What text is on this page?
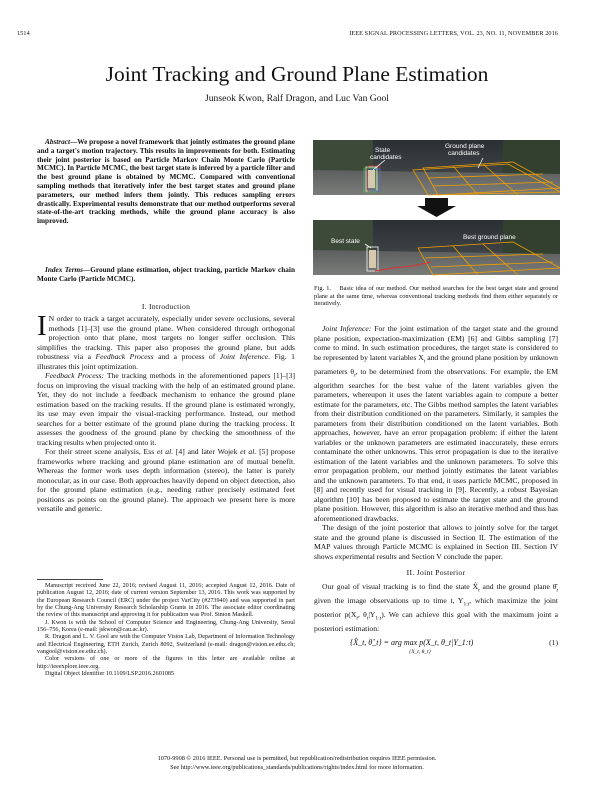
1514	IEEE SIGNAL PROCESSING LETTERS, VOL. 23, NO. 11, NOVEMBER 2016
Joint Tracking and Ground Plane Estimation
Junseok Kwon, Ralf Dragon, and Luc Van Gool

Abstract—We propose a novel framework that jointly estimates the ground plane and a target's motion trajectory. This results in improvements for both. Estimating their joint posterior is based on Particle Markov Chain Monte Carlo (Particle MCMC). In Particle MCMC, the best target state is inferred by a particle filter and the best ground plane is obtained by MCMC. Compared with conventional sampling methods that iteratively infer the best target states and ground plane parameters, our method infers them jointly. This reduces sampling errors drastically. Experimental results demonstrate that our method outperforms several state-of-the-art tracking methods, while the ground plane accuracy is also improved.

Index Terms—Ground plane estimation, object tracking, particle Markov chain Monte Carlo (Particle MCMC).

I. Introduction

I N order to track a target accurately, especially under severe occlusions, several methods [1]–[3] use the ground plane. When considered through orthogonal projection onto that plane, most targets no longer suffer occlusion. This simplifies the tracking. This paper also proposes the ground plane, but adds robustness via a Feedback Process and a process of Joint Inference. Fig. 1 illustrates this joint optimization.

Feedback Process: The tracking methods in the aforementioned papers [1]–[3] focus on improving the visual tracking with the help of an estimated ground plane. Yet, they do not include a feedback mechanism to enhance the ground plane estimation based on the tracking results. If the ground plane is estimated wrongly, its use may even impair the visual-tracking performance. Instead, our method searches for a better estimate of the ground plane during the tracking process. It assesses the goodness of the ground plane by checking the smoothness of the tracking results when projected onto it.

For their street scene analysis, Ess et al. [4] and later Wojek et al. [5] propose frameworks where tracking and ground plane estimation are of mutual benefit. Whereas the former work uses depth information (stereo), the latter is purely monocular, as in our case. Both approaches heavily depend on object detection, also for the ground plane estimation (e.g., needing rather precisely estimated feet positions as points on the ground plane). The approach we present here is more versatile and generic.

Manuscript received June 22, 2016; revised August 11, 2016; accepted August 12, 2016. Date of publication August 12, 2016; date of current version September 13, 2016. This work was supported by the European Research Council (ERC) under the project VarCity (#273940) and was supported in part by the Chung-Ang University Research Scholarship Grants in 2016. The associate editor coordinating the review of this manuscript and approving it for publication was Prof. Simon Maskell.

J. Kwon is with the School of Computer Science and Engineering, Chung-Ang University, Seoul 156–756, Korea (e-mail: jskwon@cau.ac.kr).

R. Dragon and L. V. Gool are with the Computer Vision Lab, Department of Information Technology and Electrical Engineering, ETH Zurich, Zurich 8092, Switzerland (e-mail: dragon@vision.ee.ethz.ch; vangool@vision.ee.ethz.ch).

Color versions of one or more of the figures in this letter are available online at http://ieeexplore.ieee.org.

Digital Object Identifier 10.1109/LSP.2016.2601085

State candidates
Ground plane candidates
Best state
Best ground plane

Fig. 1. Basic idea of our method. Our method searches for the best target state and ground plane at the same time, whereas conventional tracking methods find them either separately or iteratively.

Joint Inference: For the joint estimation of the target state and the ground plane position, expectation-maximization (EM) [6] and Gibbs sampling [7] come to mind. In such estimation procedures, the target state is considered to be represented by latent variables $X_t$ and the ground plane position by unknown parameters $\theta_t$, to be determined from the observations. For example, the EM algorithm searches for the best value of the latent variables given the parameters, whereupon it uses the latent variables again to compute a better estimate for the parameters, etc. The Gibbs method samples the latent variables from their distribution conditioned on the parameters. Similarly, it samples the parameters from their distribution conditioned on the latent variables. Both approaches, however, have an error propagation problem: if either the latent variables or the unknown parameters are estimated inaccurately, these errors contaminate the other unknowns. This error propagation is due to the iterative estimation of the latent variables and the unknown parameters. To solve this error propagation problem, our method jointly estimates the latent variables and the unknown parameters. To that end, it uses particle MCMC, proposed in [8] and recently used for visual tracking in [9]. Recently, a robust Bayesian algorithm [10] has been proposed to estimate the target state and the ground plane position. However, this algorithm is also an iterative method and thus has aforementioned drawbacks.

The design of the joint posterior that allows to jointly solve for the target state and the ground plane is discussed in Section II. The estimation of the MAP values through Particle MCMC is explained in Section III. Section IV shows experimental results and Section V conclude the paper.

II. Joint Posterior

Our goal of visual tracking is to find the state $X̂_t$ and the ground plane $\thetâ_t$ given the image observations up to time t, $Y_{1:t}$, which maximize the joint posterior $p(X_t$, $\theta_t|Y_{1:t}$). We can achieve this goal with the maximum joint a posteriori estimation:

{X̂_t, θ̂_t} = arg max p(X_t, θ_t|Y_1:t)
{X_t, θ_t}
(1)
1070-9908 © 2016 IEEE. Personal use is permitted, but republication/redistribution requires IEEE permission.
See http://www.ieee.org/publications_standards/publications/rights/index.html for more information.
